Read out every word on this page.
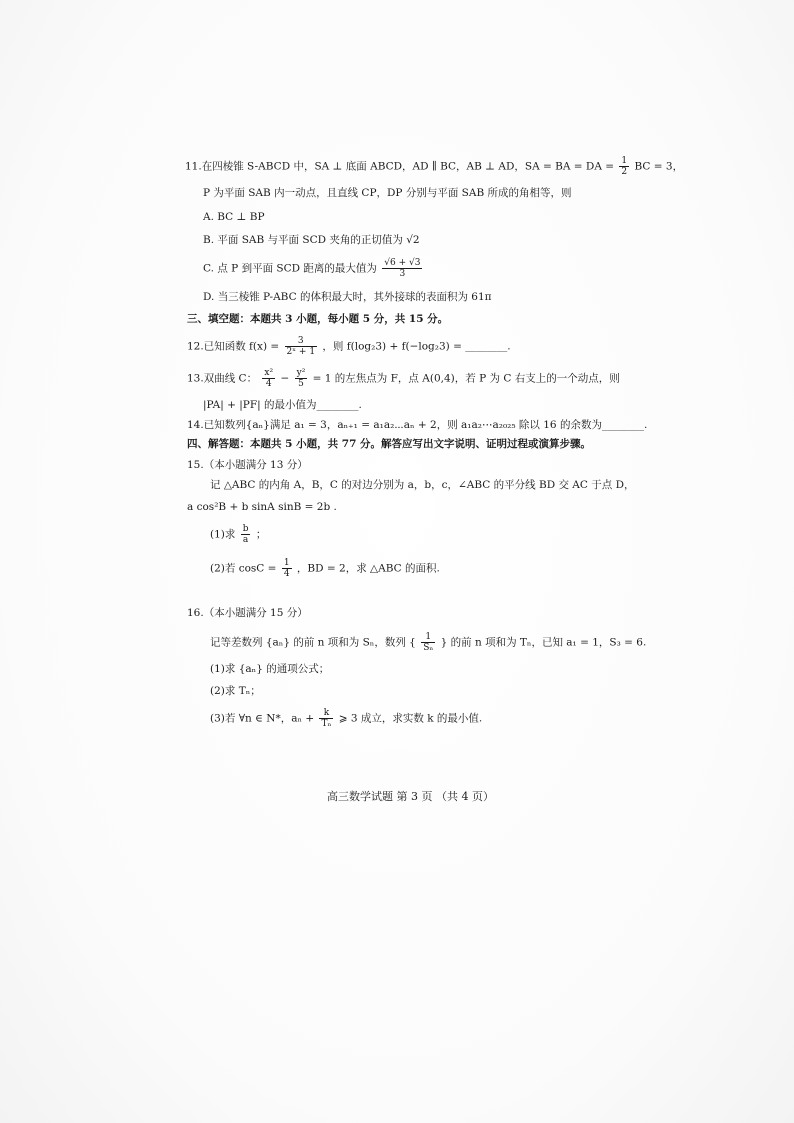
11.在四棱锥 S-ABCD 中，SA ⊥ 底面 ABCD，AD ∥ BC，AB ⊥ AD，SA = BA = DA = $\frac{1}{2}$ BC = 3，
P 为平面 SAB 内一动点，且直线 CP，DP 分别与平面 SAB 所成的角相等，则
A. BC ⊥ BP
B. 平面 SAB 与平面 SCD 夹角的正切值为 √2
C. 点 P 到平面 SCD 距离的最大值为 $\frac{√6 + √3}{3}$
D. 当三棱锥 P-ABC 的体积最大时，其外接球的表面积为 61π
三、填空题：本题共 3 小题，每小题 5 分，共 15 分。
12.已知函数 $f(x) = \frac{3}{\text{2ˣ + 1}}$ ，则 f(log₂3) + f(−log₂3) = ________.
13.双曲线 C： $\frac{\text{x²}}{4} - \frac{\text{y²}}{5} = 1$ 的左焦点为 F，点 A(0,4)，若 P 为 C 右支上的一个动点，则
|PA| + |PF| 的最小值为________.
14.已知数列{aₙ}满足 a₁ = 3，aₙ₊₁ = a₁a₂⋯aₙ + 2，则 a₁a₂⋯a₂₀₂₅ 除以 16 的余数为________.
四、解答题：本题共 5 小题，共 77 分。解答应写出文字说明、证明过程或演算步骤。
15.（本小题满分 13 分）
记 △ABC 的内角 A，B，C 的对边分别为 a，b，c，∠ABC 的平分线 BD 交 AC 于点 D，
a cos²B + b sinA sinB = 2b .
(1)求 $\frac{b}{a}$ ；
(2)若 $\cos C = \frac{1}{4}$ ，BD = 2，求 △ABC 的面积.
16.（本小题满分 15 分）
记等差数列 {aₙ} 的前 n 项和为 Sₙ，数列 { $\frac{1}{\text{Sₙ}}$ } 的前 n 项和为 Tₙ，已知 a₁ = 1，S₃ = 6.
(1)求 {aₙ} 的通项公式；
(2)求 Tₙ；
(3)若 ∀n ∈ N*，$a_n + \frac{k}{\text{Tₙ}}$ ⩾ 3 成立，求实数 k 的最小值.
高三数学试题 第 3 页 （共 4 页）
